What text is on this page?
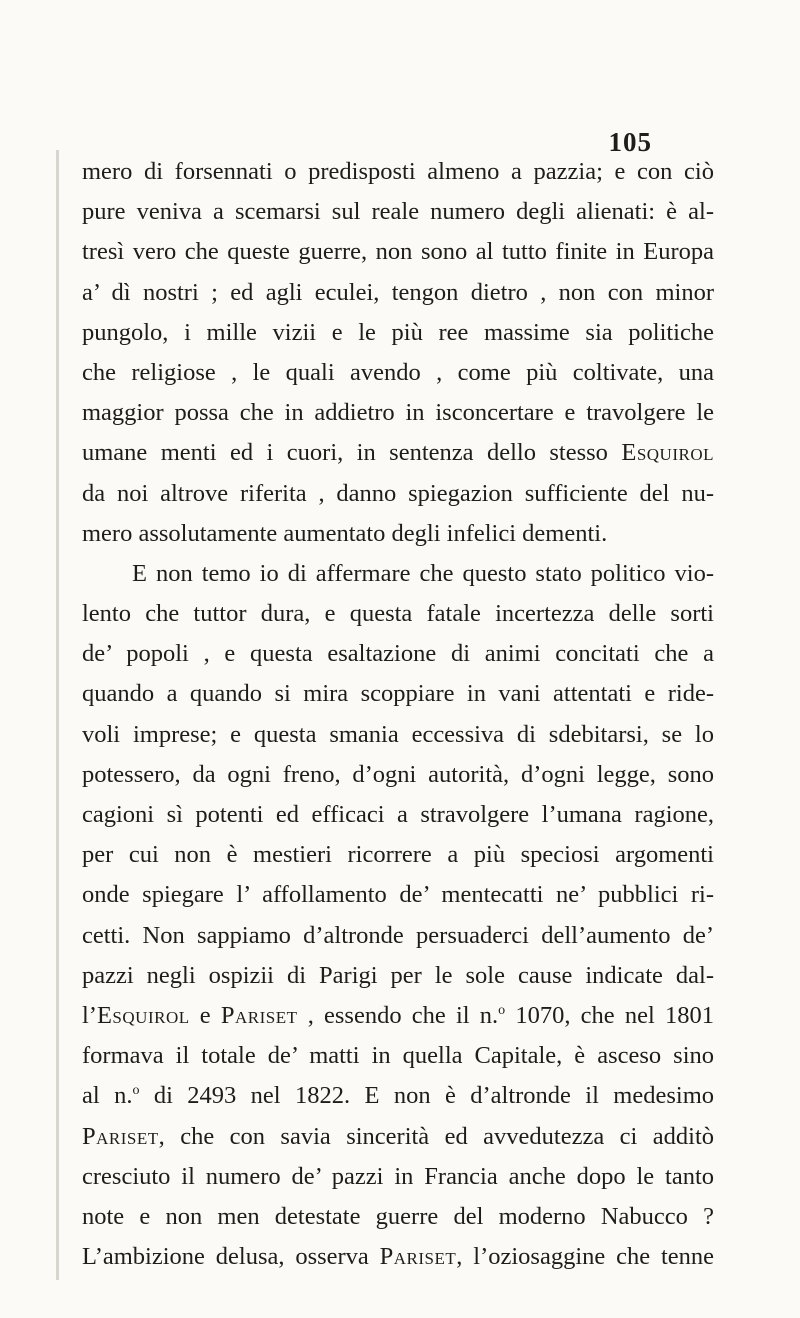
105
mero di forsennati o predisposti almeno a pazzia; e con ciò
pure veniva a scemarsi sul reale numero degli alienati: è al-
tresì vero che queste guerre, non sono al tutto finite in Europa
a’ dì nostri ; ed agli eculei, tengon dietro , non con minor
pungolo, i mille vizii e le più ree massime sia politiche
che religiose , le quali avendo , come più coltivate, una
maggior possa che in addietro in isconcertare e travolgere le
umane menti ed i cuori, in sentenza dello stesso Esquirol
da noi altrove riferita , danno spiegazion sufficiente del nu-
mero assolutamente aumentato degli infelici dementi.
E non temo io di affermare che questo stato politico vio-
lento che tuttor dura, e questa fatale incertezza delle sorti
de’ popoli , e questa esaltazione di animi concitati che a
quando a quando si mira scoppiare in vani attentati e ride-
voli imprese; e questa smania eccessiva di sdebitarsi, se lo
potessero, da ogni freno, d’ogni autorità, d’ogni legge, sono
cagioni sì potenti ed efficaci a stravolgere l’umana ragione,
per cui non è mestieri ricorrere a più speciosi argomenti
onde spiegare l’ affollamento de’ mentecatti ne’ pubblici ri-
cetti. Non sappiamo d’altronde persuaderci dell’aumento de’
pazzi negli ospizii di Parigi per le sole cause indicate dal-
l’Esquirol e Pariset , essendo che il n.$^o$ 1070, che nel 1801
formava il totale de’ matti in quella Capitale, è asceso sino
al n.$^o$ di 2493 nel 1822. E non è d’altronde il medesimo
Pariset, che con savia sincerità ed avvedutezza ci additò
cresciuto il numero de’ pazzi in Francia anche dopo le tanto
note e non men detestate guerre del moderno Nabucco ?
L’ambizione delusa, osserva Pariset, l’oziosaggine che tenne
